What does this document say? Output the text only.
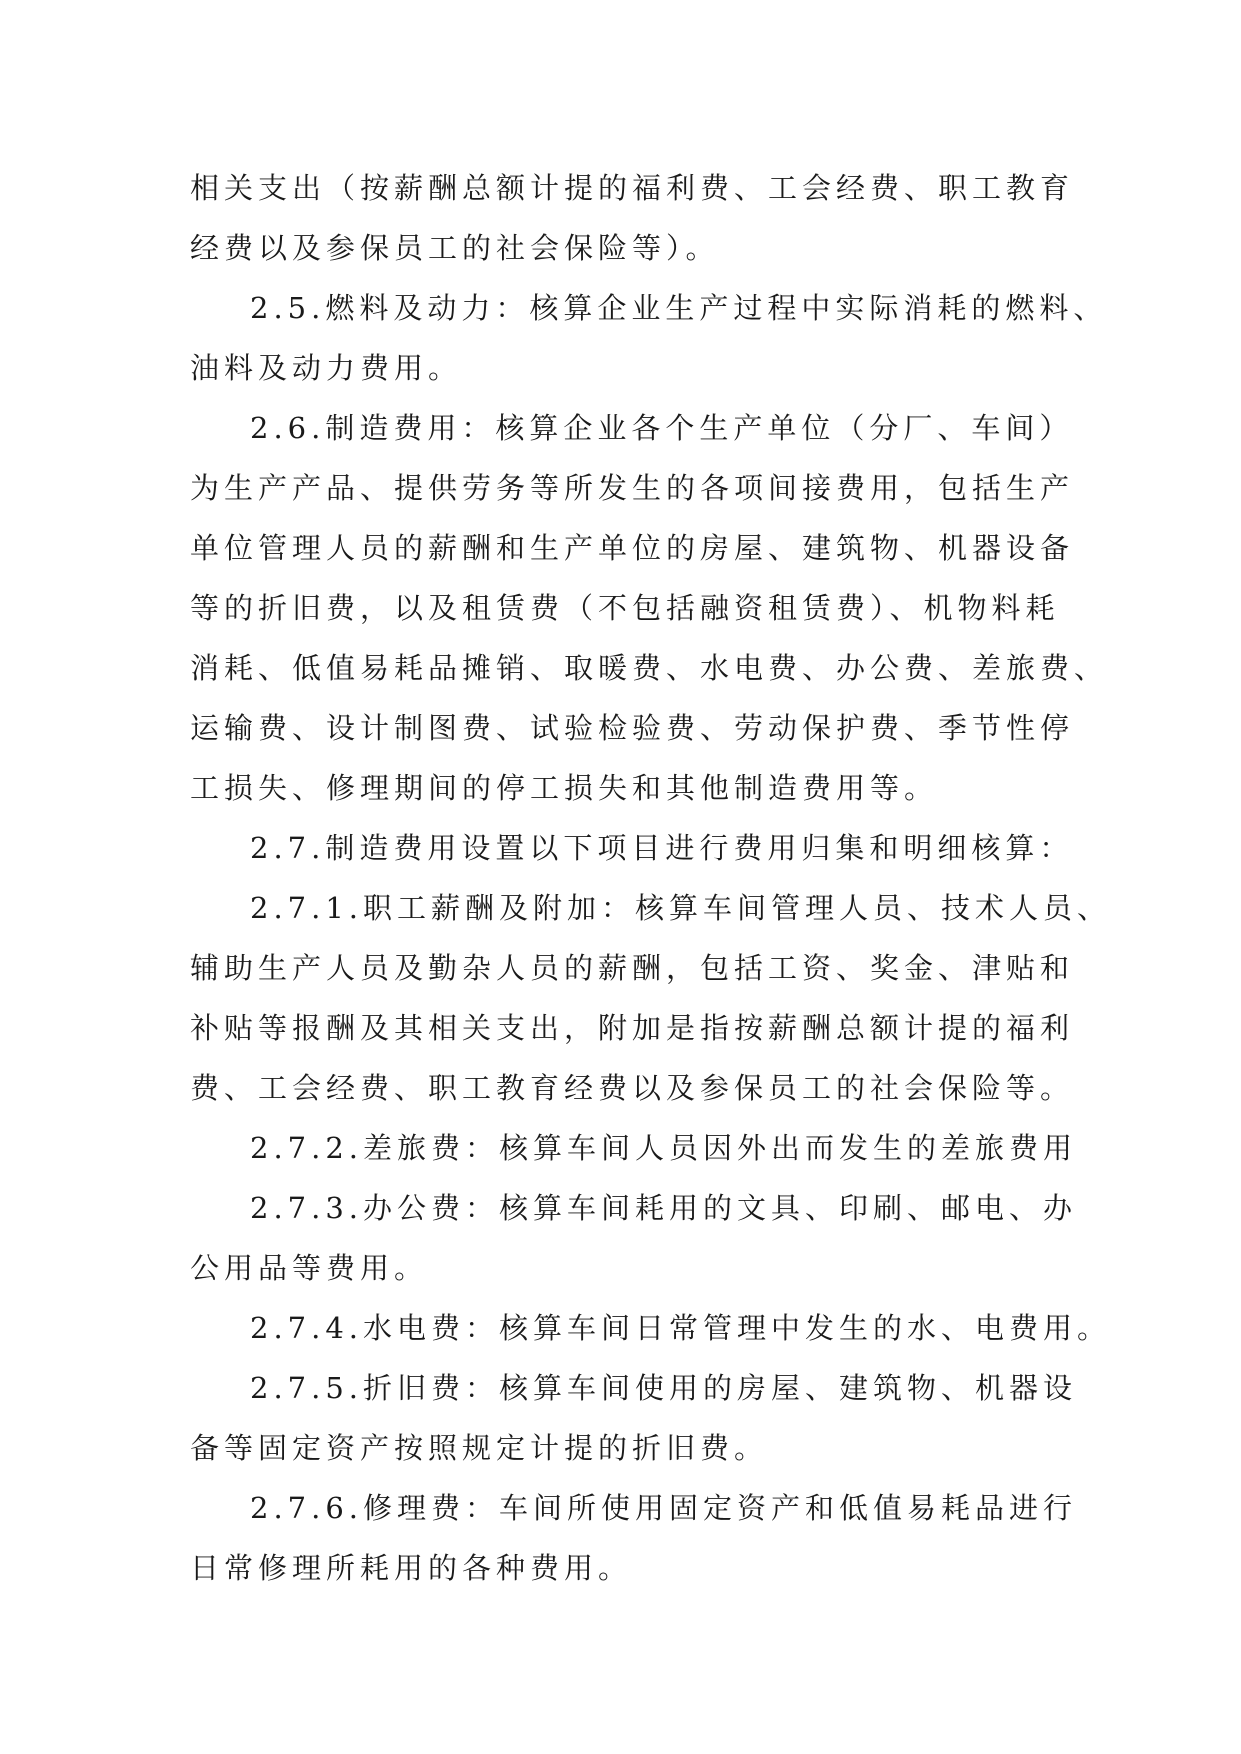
相关支出（按薪酬总额计提的福利费、工会经费、职工教育
经费以及参保员工的社会保险等）。
2.5.燃料及动力：核算企业生产过程中实际消耗的燃料、
油料及动力费用。
2.6.制造费用：核算企业各个生产单位（分厂、车间）
为生产产品、提供劳务等所发生的各项间接费用，包括生产
单位管理人员的薪酬和生产单位的房屋、建筑物、机器设备
等的折旧费，以及租赁费（不包括融资租赁费）、机物料耗
消耗、低值易耗品摊销、取暖费、水电费、办公费、差旅费、
运输费、设计制图费、试验检验费、劳动保护费、季节性停
工损失、修理期间的停工损失和其他制造费用等。
2.7.制造费用设置以下项目进行费用归集和明细核算：
2.7.1.职工薪酬及附加：核算车间管理人员、技术人员、
辅助生产人员及勤杂人员的薪酬，包括工资、奖金、津贴和
补贴等报酬及其相关支出，附加是指按薪酬总额计提的福利
费、工会经费、职工教育经费以及参保员工的社会保险等。
2.7.2.差旅费：核算车间人员因外出而发生的差旅费用
2.7.3.办公费：核算车间耗用的文具、印刷、邮电、办
公用品等费用。
2.7.4.水电费：核算车间日常管理中发生的水、电费用。
2.7.5.折旧费：核算车间使用的房屋、建筑物、机器设
备等固定资产按照规定计提的折旧费。
2.7.6.修理费：车间所使用固定资产和低值易耗品进行
日常修理所耗用的各种费用。
